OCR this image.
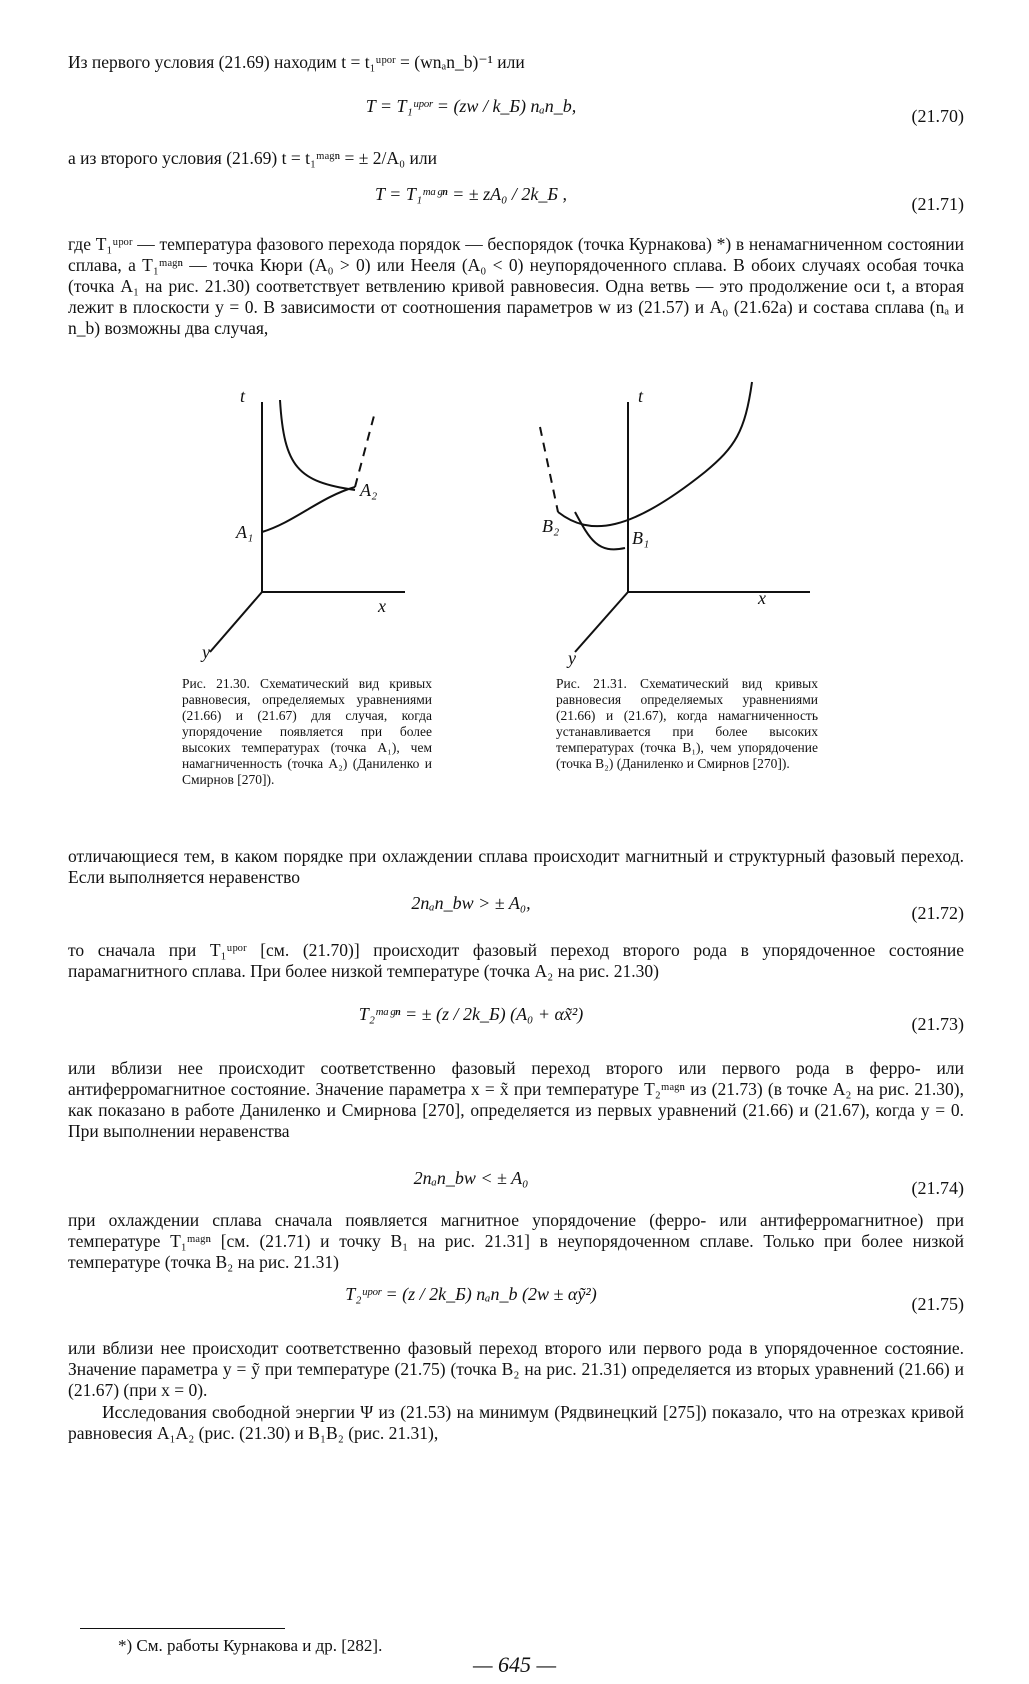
Из первого условия (21.69) находим t = t₁ᵘᵖᵒʳ = (wnₐn_b)⁻¹ или
T = T₁ᵘᵖᵒʳ = (zw / k_Б) nₐn_b,	(21.70)
а из второго условия (21.69) t = t₁ᵐᵃᵍⁿ = ± 2/A₀ или
T = T₁ᵐᵃᵍⁿ = ± zA₀ / 2k_Б ,	(21.71)
где T₁ᵘᵖᵒʳ — температура фазового перехода порядок — беспорядок (точка Курнакова) *) в ненамагниченном состоянии сплава, а T₁ᵐᵃᵍⁿ — точка Кюри (A₀ > 0) или Нееля (A₀ < 0) неупорядоченного сплава. В обоих случаях особая точка (точка A₁ на рис. 21.30) соответствует ветвлению кривой равновесия. Одна ветвь — это продолжение оси t, а вторая лежит в плоскости y = 0. В зависимости от соотношения параметров w из (21.57) и A₀ (21.62а) и состава сплава (nₐ и n_b) возможны два случая,
t
x
y
A₁
A₂
t
x
y
B₁
B₂
Рис. 21.30. Схематический вид кривых равновесия, определяемых уравнениями (21.66) и (21.67) для случая, когда упорядочение появляется при более высоких температурах (точка A₁), чем намагниченность (точка A₂) (Даниленко и Смирнов [270]).
Рис. 21.31. Схематический вид кривых равновесия определяемых уравнениями (21.66) и (21.67), когда намагниченность устанавливается при более высоких температурах (точка B₁), чем упорядочение (точка B₂) (Даниленко и Смирнов [270]).
отличающиеся тем, в каком порядке при охлаждении сплава происходит магнитный и структурный фазовый переход. Если выполняется неравенство
2nₐn_bw > ± A₀,	(21.72)
то сначала при T₁ᵘᵖᵒʳ [см. (21.70)] происходит фазовый переход второго рода в упорядоченное состояние парамагнитного сплава. При более низкой температуре (точка A₂ на рис. 21.30)
T₂ᵐᵃᵍⁿ = ± (z / 2k_Б) (A₀ + αx̃²)	(21.73)
или вблизи нее происходит соответственно фазовый переход второго или первого рода в ферро- или антиферромагнитное состояние. Значение параметра x = x̃ при температуре T₂ᵐᵃᵍⁿ из (21.73) (в точке A₂ на рис. 21.30), как показано в работе Даниленко и Смирнова [270], определяется из первых уравнений (21.66) и (21.67), когда y = 0. При выполнении неравенства
2nₐn_bw < ± A₀	(21.74)
при охлаждении сплава сначала появляется магнитное упорядочение (ферро- или антиферромагнитное) при температуре T₁ᵐᵃᵍⁿ [см. (21.71) и точку B₁ на рис. 21.31] в неупорядоченном сплаве. Только при более низкой температуре (точка B₂ на рис. 21.31)
T₂ᵘᵖᵒʳ = (z / 2k_Б) nₐn_b (2w ± αỹ²)	(21.75)
или вблизи нее происходит соответственно фазовый переход второго или первого рода в упорядоченное состояние. Значение параметра y = ỹ при температуре (21.75) (точка B₂ на рис. 21.31) определяется из вторых уравнений (21.66) и (21.67) (при x = 0).
Исследования свободной энергии Ψ из (21.53) на минимум (Рядвинецкий [275]) показало, что на отрезках кривой равновесия A₁A₂ (рис. (21.30) и B₁B₂ (рис. 21.31),
*) См. работы Курнакова и др. [282].
— 645 —
